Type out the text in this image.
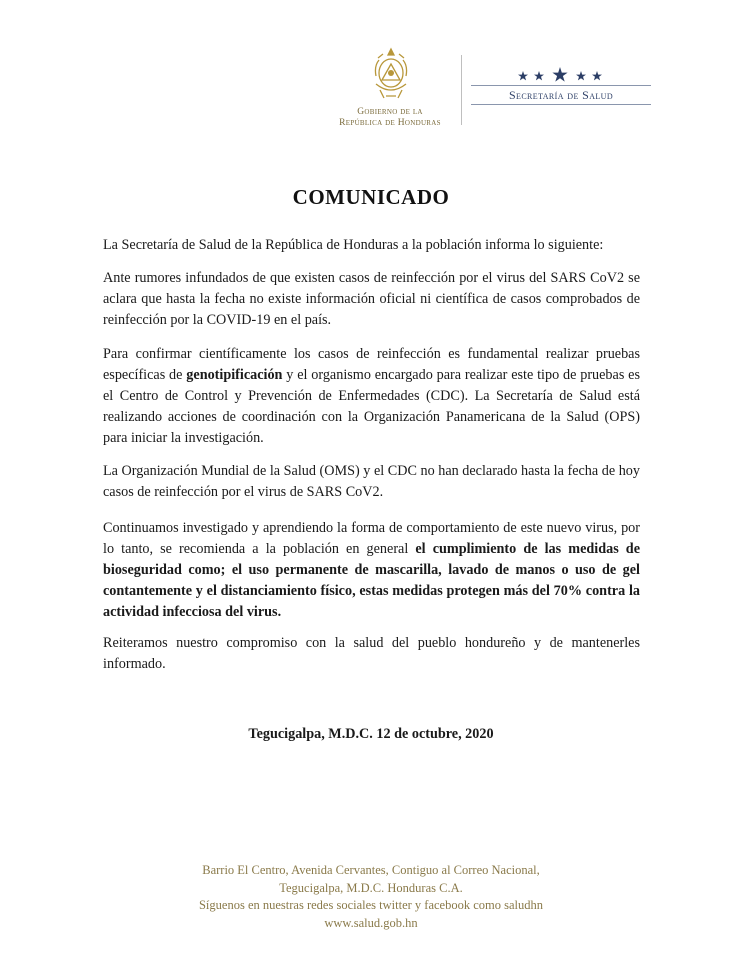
Gobierno de la
República de Honduras
Secretaría de Salud
COMUNICADO
La Secretaría de Salud de la República de Honduras a la población informa lo siguiente:
Ante rumores infundados de que existen casos de reinfección por el virus del SARS CoV2 se aclara que hasta la fecha no existe información oficial ni científica de casos comprobados de reinfección por la COVID-19 en el país.
Para confirmar científicamente los casos de reinfección es fundamental realizar pruebas específicas de genotipificación y el organismo encargado para realizar este tipo de pruebas es el Centro de Control y Prevención de Enfermedades (CDC). La Secretaría de Salud está realizando acciones de coordinación con la Organización Panamericana de la Salud (OPS) para iniciar la investigación.
La Organización Mundial de la Salud (OMS) y el CDC no han declarado hasta la fecha de hoy casos de reinfección por el virus de SARS CoV2.
Continuamos investigado y aprendiendo la forma de comportamiento de este nuevo virus, por lo tanto, se recomienda a la población en general el cumplimiento de las medidas de bioseguridad como; el uso permanente de mascarilla, lavado de manos o uso de gel contantemente y el distanciamiento físico, estas medidas protegen más del 70% contra la actividad infecciosa del virus.
Reiteramos nuestro compromiso con la salud del pueblo hondureño y de mantenerles informado.
Tegucigalpa, M.D.C. 12 de octubre, 2020
Barrio El Centro, Avenida Cervantes, Contiguo al Correo Nacional,
Tegucigalpa, M.D.C. Honduras C.A.
Síguenos en nuestras redes sociales twitter y facebook como saludhn
www.salud.gob.hn
